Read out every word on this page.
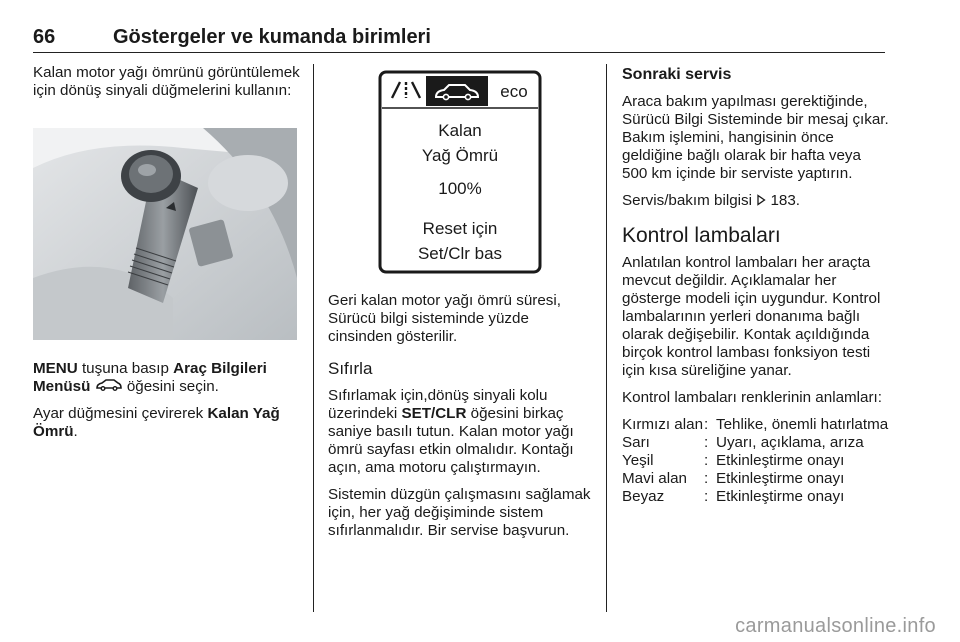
66	Göstergeler ve kumanda birimleri

Kalan motor yağı ömrünü görüntülemek için dönüş sinyali düğmelerini kullanın:

MENU tuşuna basıp Araç Bilgileri Menüsü  öğesini seçin.

Ayar düğmesini çevirerek Kalan Yağ Ömrü.

eco
Kalan
Yağ Ömrü
100%
Reset için
Set/Clr bas

Geri kalan motor yağı ömrü süresi, Sürücü bilgi sisteminde yüzde cinsinden gösterilir.

Sıfırla

Sıfırlamak için,dönüş sinyali kolu üzerindeki SET/CLR öğesini birkaç saniye basılı tutun. Kalan motor yağı ömrü sayfası etkin olmalıdır. Kontağı açın, ama motoru çalıştırmayın.

Sistemin düzgün çalışmasını sağlamak için, her yağ değişiminde sistem sıfırlanmalıdır. Bir servise başvurun.

Sonraki servis

Araca bakım yapılması gerektiğinde, Sürücü Bilgi Sisteminde bir mesaj çıkar. Bakım işlemini, hangisinin önce geldiğine bağlı olarak bir hafta veya 500 km içinde bir serviste yaptırın.

Servis/bakım bilgisi  183.

Kontrol lambaları

Anlatılan kontrol lambaları her araçta mevcut değildir. Açıklamalar her gösterge modeli için uygundur. Kontrol lambalarının yerleri donanıma bağlı olarak değişebilir. Kontak açıldığında birçok kontrol lambası fonksiyon testi için kısa süreliğine yanar.

Kontrol lambaları renklerinin anlamları:

Kırmızı alan : Tehlike, önemli hatırlatma
Sarı	: Uyarı, açıklama, arıza
Yeşil	: Etkinleştirme onayı
Mavi alan	: Etkinleştirme onayı
Beyaz	: Etkinleştirme onayı
carmanualsonline.info
